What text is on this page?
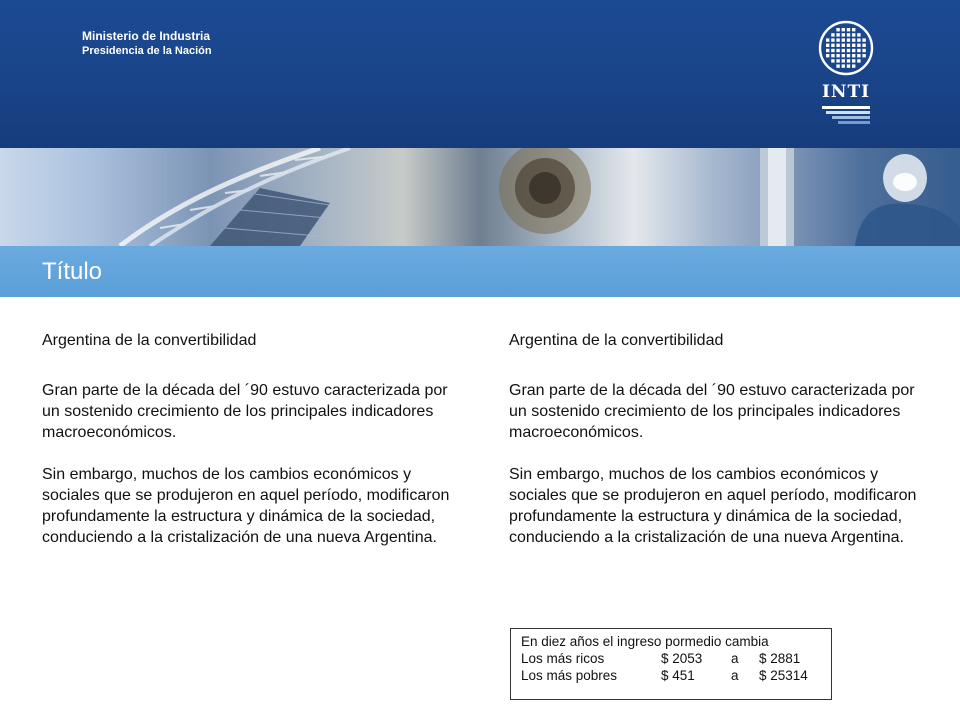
Ministerio de Industria
Presidencia de la Nación
INTI
Título
Argentina de la convertibilidad
Gran parte de la década del ´90 estuvo caracterizada por un sostenido crecimiento de los principales indicadores macroeconómicos.
Sin embargo, muchos de los cambios económicos y sociales que se produjeron en aquel período, modificaron profundamente la estructura y dinámica de la sociedad, conduciendo a la cristalización de una nueva Argentina.
Argentina de la convertibilidad
Gran parte de la década del ´90 estuvo caracterizada por un sostenido crecimiento de los principales indicadores macroeconómicos.
Sin embargo, muchos de los cambios económicos y sociales que se produjeron en aquel período, modificaron profundamente la estructura y dinámica de la sociedad, conduciendo a la cristalización de una nueva Argentina.
En diez años el ingreso pormedio cambia
Los más ricos	$ 2053 a $ 2881
Los más pobres	$ 451	a $ 25314
